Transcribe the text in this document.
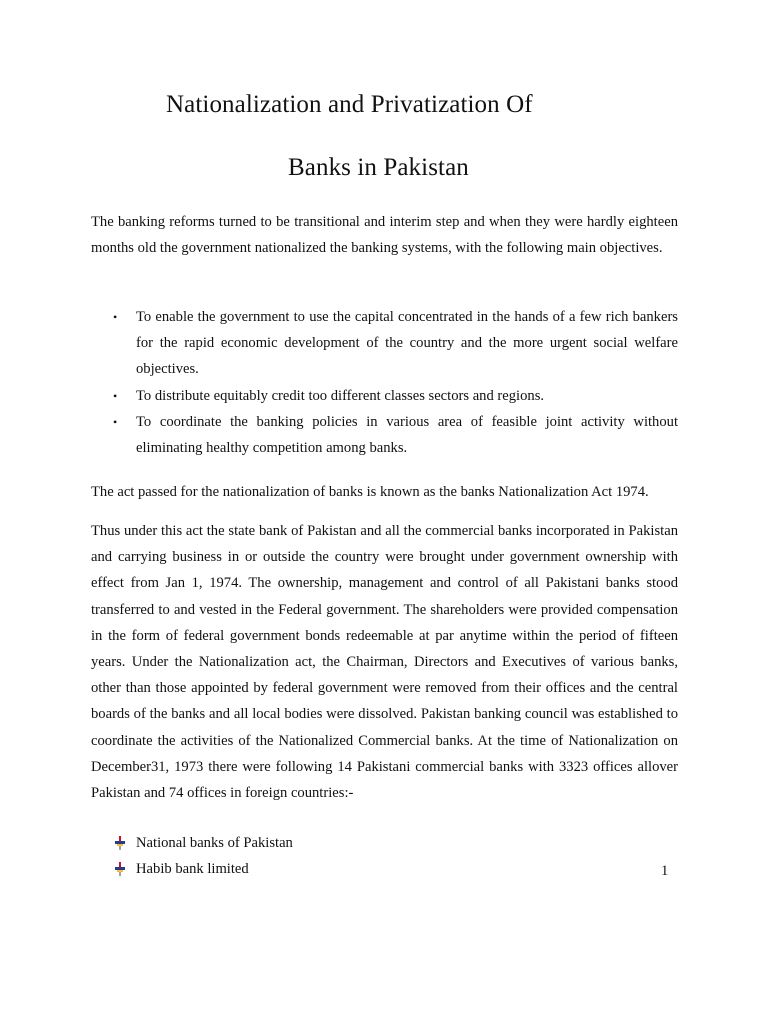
Nationalization and Privatization Of
Banks in Pakistan

The banking reforms turned to be transitional and interim step and when they were hardly eighteen months old the government nationalized the banking systems, with the following main objectives.

• To enable the government to use the capital concentrated in the hands of a few rich bankers for the rapid economic development of the country and the more urgent social welfare objectives.
• To distribute equitably credit too different classes sectors and regions.
• To coordinate the banking policies in various area of feasible joint activity without eliminating healthy competition among banks.

The act passed for the nationalization of banks is known as the banks Nationalization Act 1974.

Thus under this act the state bank of Pakistan and all the commercial banks incorporated in Pakistan and carrying business in or outside the country were brought under government ownership with effect from Jan 1, 1974. The ownership, management and control of all Pakistani banks stood transferred to and vested in the Federal government. The shareholders were provided compensation in the form of federal government bonds redeemable at par anytime within the period of fifteen years. Under the Nationalization act, the Chairman, Directors and Executives of various banks, other than those appointed by federal government were removed from their offices and the central boards of the banks and all local bodies were dissolved. Pakistan banking council was established to coordinate the activities of the Nationalized Commercial banks. At the time of Nationalization on December31, 1973 there were following 14 Pakistani commercial banks with 3323 offices allover Pakistan and 74 offices in foreign countries:-

National banks of Pakistan
Habib bank limited	1
